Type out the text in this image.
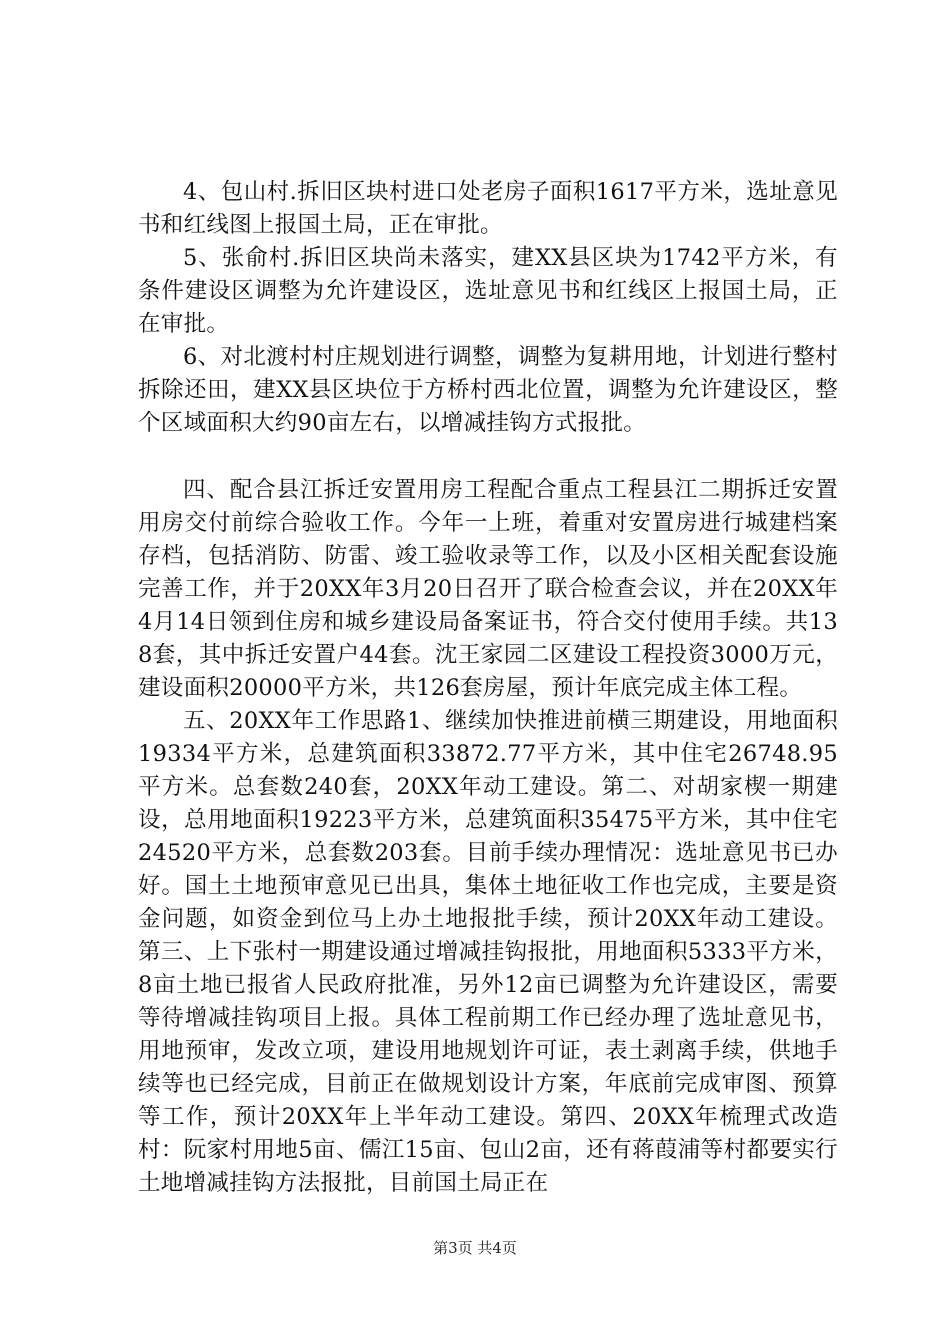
4、包山村.拆旧区块村进口处老房子面积1617平方米，选址意见书和红线图上报国土局，正在审批。

5、张俞村.拆旧区块尚未落实，建XX县区块为1742平方米，有条件建设区调整为允许建设区，选址意见书和红线区上报国土局，正在审批。

6、对北渡村村庄规划进行调整，调整为复耕用地，计划进行整村拆除还田，建XX县区块位于方桥村西北位置，调整为允许建设区，整个区域面积大约90亩左右，以增减挂钩方式报批。

四、配合县江拆迁安置用房工程配合重点工程县江二期拆迁安置用房交付前综合验收工作。今年一上班，着重对安置房进行城建档案存档，包括消防、防雷、竣工验收录等工作，以及小区相关配套设施完善工作，并于20XX年3月20日召开了联合检查会议，并在20XX年4月14日领到住房和城乡建设局备案证书，符合交付使用手续。共138套，其中拆迁安置户44套。沈王家园二区建设工程投资3000万元，建设面积20000平方米，共126套房屋，预计年底完成主体工程。

五、20XX年工作思路1、继续加快推进前横三期建设，用地面积19334平方米，总建筑面积33872.77平方米，其中住宅26748.95平方米。总套数240套，20XX年动工建设。第二、对胡家楔一期建设，总用地面积19223平方米，总建筑面积35475平方米，其中住宅24520平方米，总套数203套。目前手续办理情况：选址意见书已办好。国土土地预审意见已出具，集体土地征收工作也完成，主要是资金问题，如资金到位马上办土地报批手续，预计20XX年动工建设。第三、上下张村一期建设通过增减挂钩报批，用地面积5333平方米，8亩土地已报省人民政府批准，另外12亩已调整为允许建设区，需要等待增减挂钩项目上报。具体工程前期工作已经办理了选址意见书，用地预审，发改立项，建设用地规划许可证，表土剥离手续，供地手续等也已经完成，目前正在做规划设计方案，年底前完成审图、预算等工作，预计20XX年上半年动工建设。第四、20XX年梳理式改造村：阮家村用地5亩、儒江15亩、包山2亩，还有蒋葭浦等村都要实行土地增减挂钩方法报批，目前国土局正在

第3页 共4页
